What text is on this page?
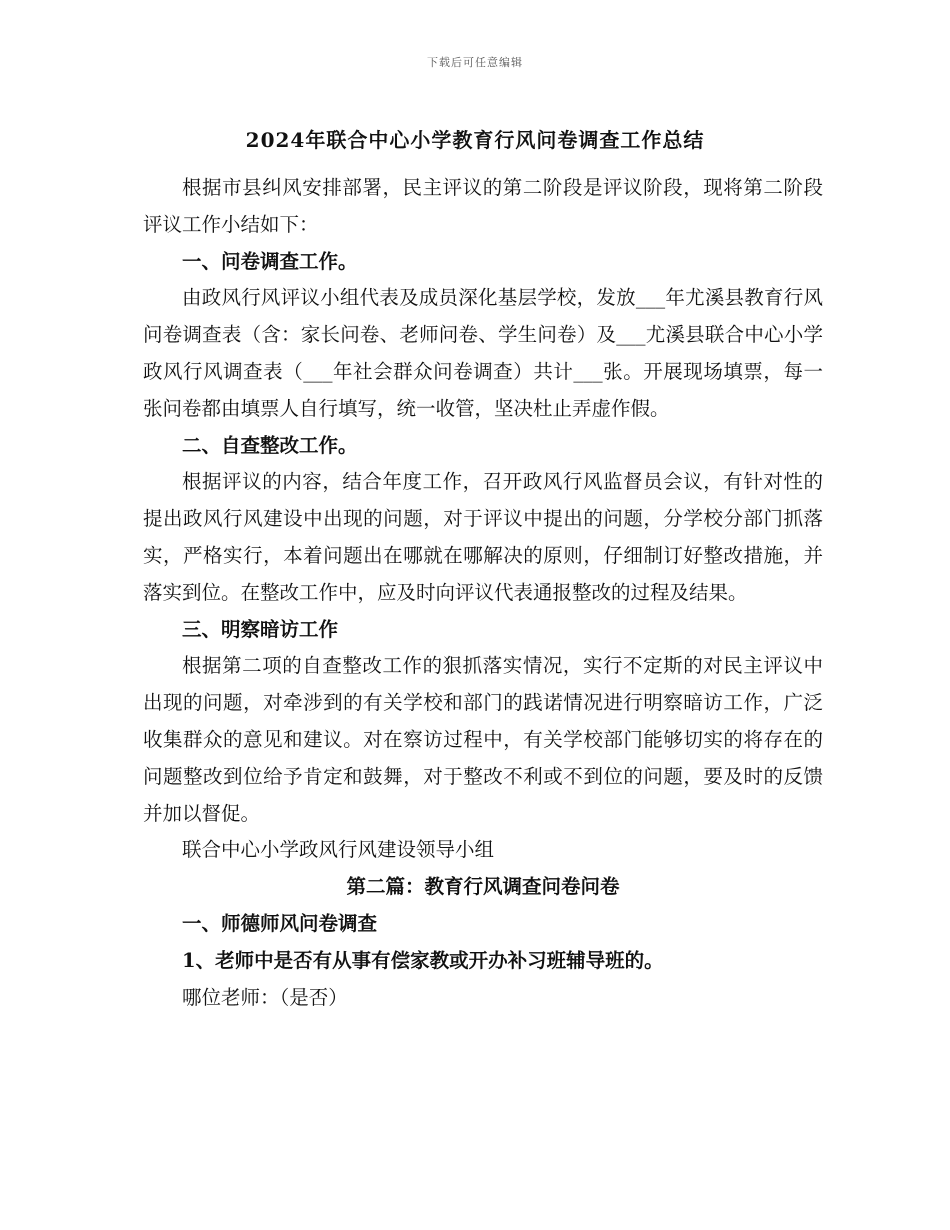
下载后可任意编辑
2024年联合中心小学教育行风问卷调查工作总结

根据市县纠风安排部署，民主评议的第二阶段是评议阶段，现将第二阶段评议工作小结如下：

一、问卷调查工作。

由政风行风评议小组代表及成员深化基层学校，发放___年尤溪县教育行风问卷调查表（含：家长问卷、老师问卷、学生问卷）及___尤溪县联合中心小学政风行风调查表（___年社会群众问卷调查）共计___张。开展现场填票，每一张问卷都由填票人自行填写，统一收管，坚决杜止弄虚作假。

二、自查整改工作。

根据评议的内容，结合年度工作，召开政风行风监督员会议，有针对性的提出政风行风建设中出现的问题，对于评议中提出的问题，分学校分部门抓落实，严格实行，本着问题出在哪就在哪解决的原则，仔细制订好整改措施，并落实到位。在整改工作中，应及时向评议代表通报整改的过程及结果。

三、明察暗访工作

根据第二项的自查整改工作的狠抓落实情况，实行不定斯的对民主评议中出现的问题，对牵涉到的有关学校和部门的践诺情况进行明察暗访工作，广泛收集群众的意见和建议。对在察访过程中，有关学校部门能够切实的将存在的问题整改到位给予肯定和鼓舞，对于整改不利或不到位的问题，要及时的反馈并加以督促。

联合中心小学政风行风建设领导小组

第二篇：教育行风调查问卷问卷

一、师德师风问卷调查

1、老师中是否有从事有偿家教或开办补习班辅导班的。

哪位老师：（是否）
